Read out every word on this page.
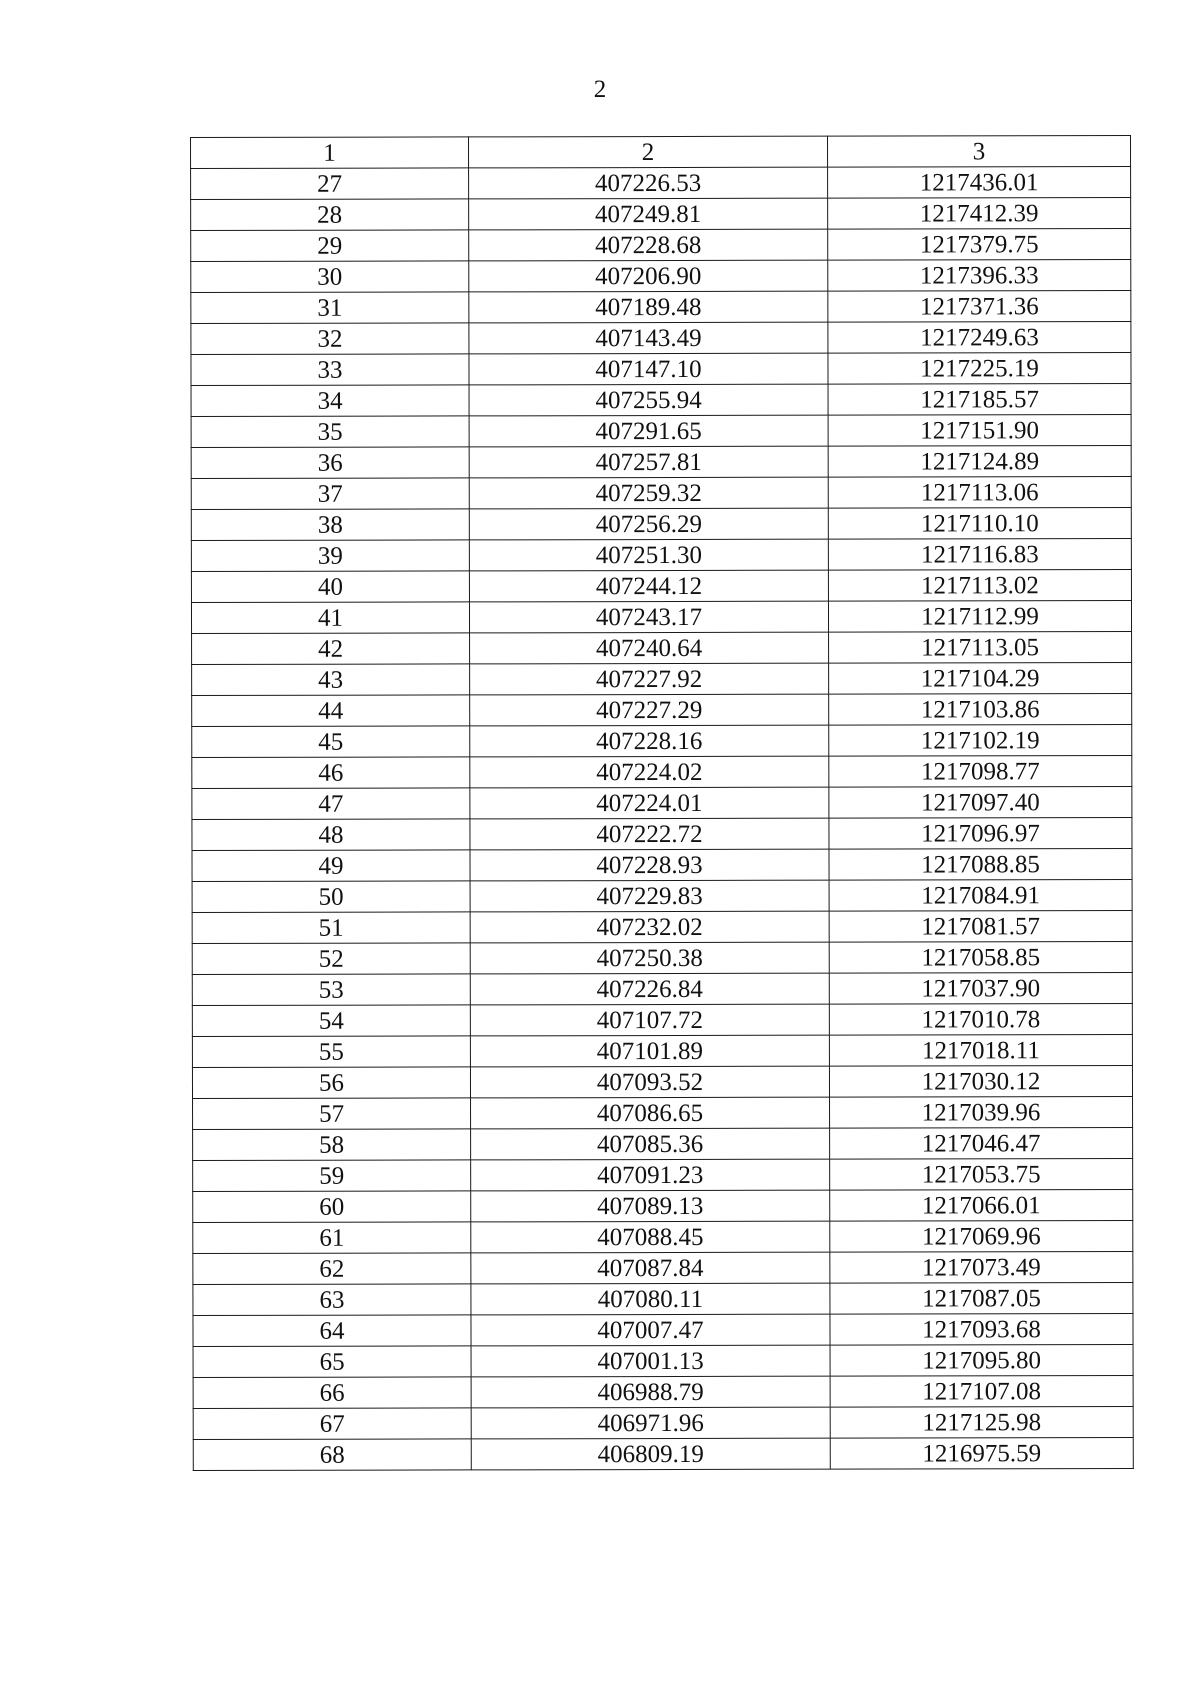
2
1	2	3
27	407226.53	1217436.01
28	407249.81	1217412.39
29	407228.68	1217379.75
30	407206.90	1217396.33
31	407189.48	1217371.36
32	407143.49	1217249.63
33	407147.10	1217225.19
34	407255.94	1217185.57
35	407291.65	1217151.90
36	407257.81	1217124.89
37	407259.32	1217113.06
38	407256.29	1217110.10
39	407251.30	1217116.83
40	407244.12	1217113.02
41	407243.17	1217112.99
42	407240.64	1217113.05
43	407227.92	1217104.29
44	407227.29	1217103.86
45	407228.16	1217102.19
46	407224.02	1217098.77
47	407224.01	1217097.40
48	407222.72	1217096.97
49	407228.93	1217088.85
50	407229.83	1217084.91
51	407232.02	1217081.57
52	407250.38	1217058.85
53	407226.84	1217037.90
54	407107.72	1217010.78
55	407101.89	1217018.11
56	407093.52	1217030.12
57	407086.65	1217039.96
58	407085.36	1217046.47
59	407091.23	1217053.75
60	407089.13	1217066.01
61	407088.45	1217069.96
62	407087.84	1217073.49
63	407080.11	1217087.05
64	407007.47	1217093.68
65	407001.13	1217095.80
66	406988.79	1217107.08
67	406971.96	1217125.98
68	406809.19	1216975.59
